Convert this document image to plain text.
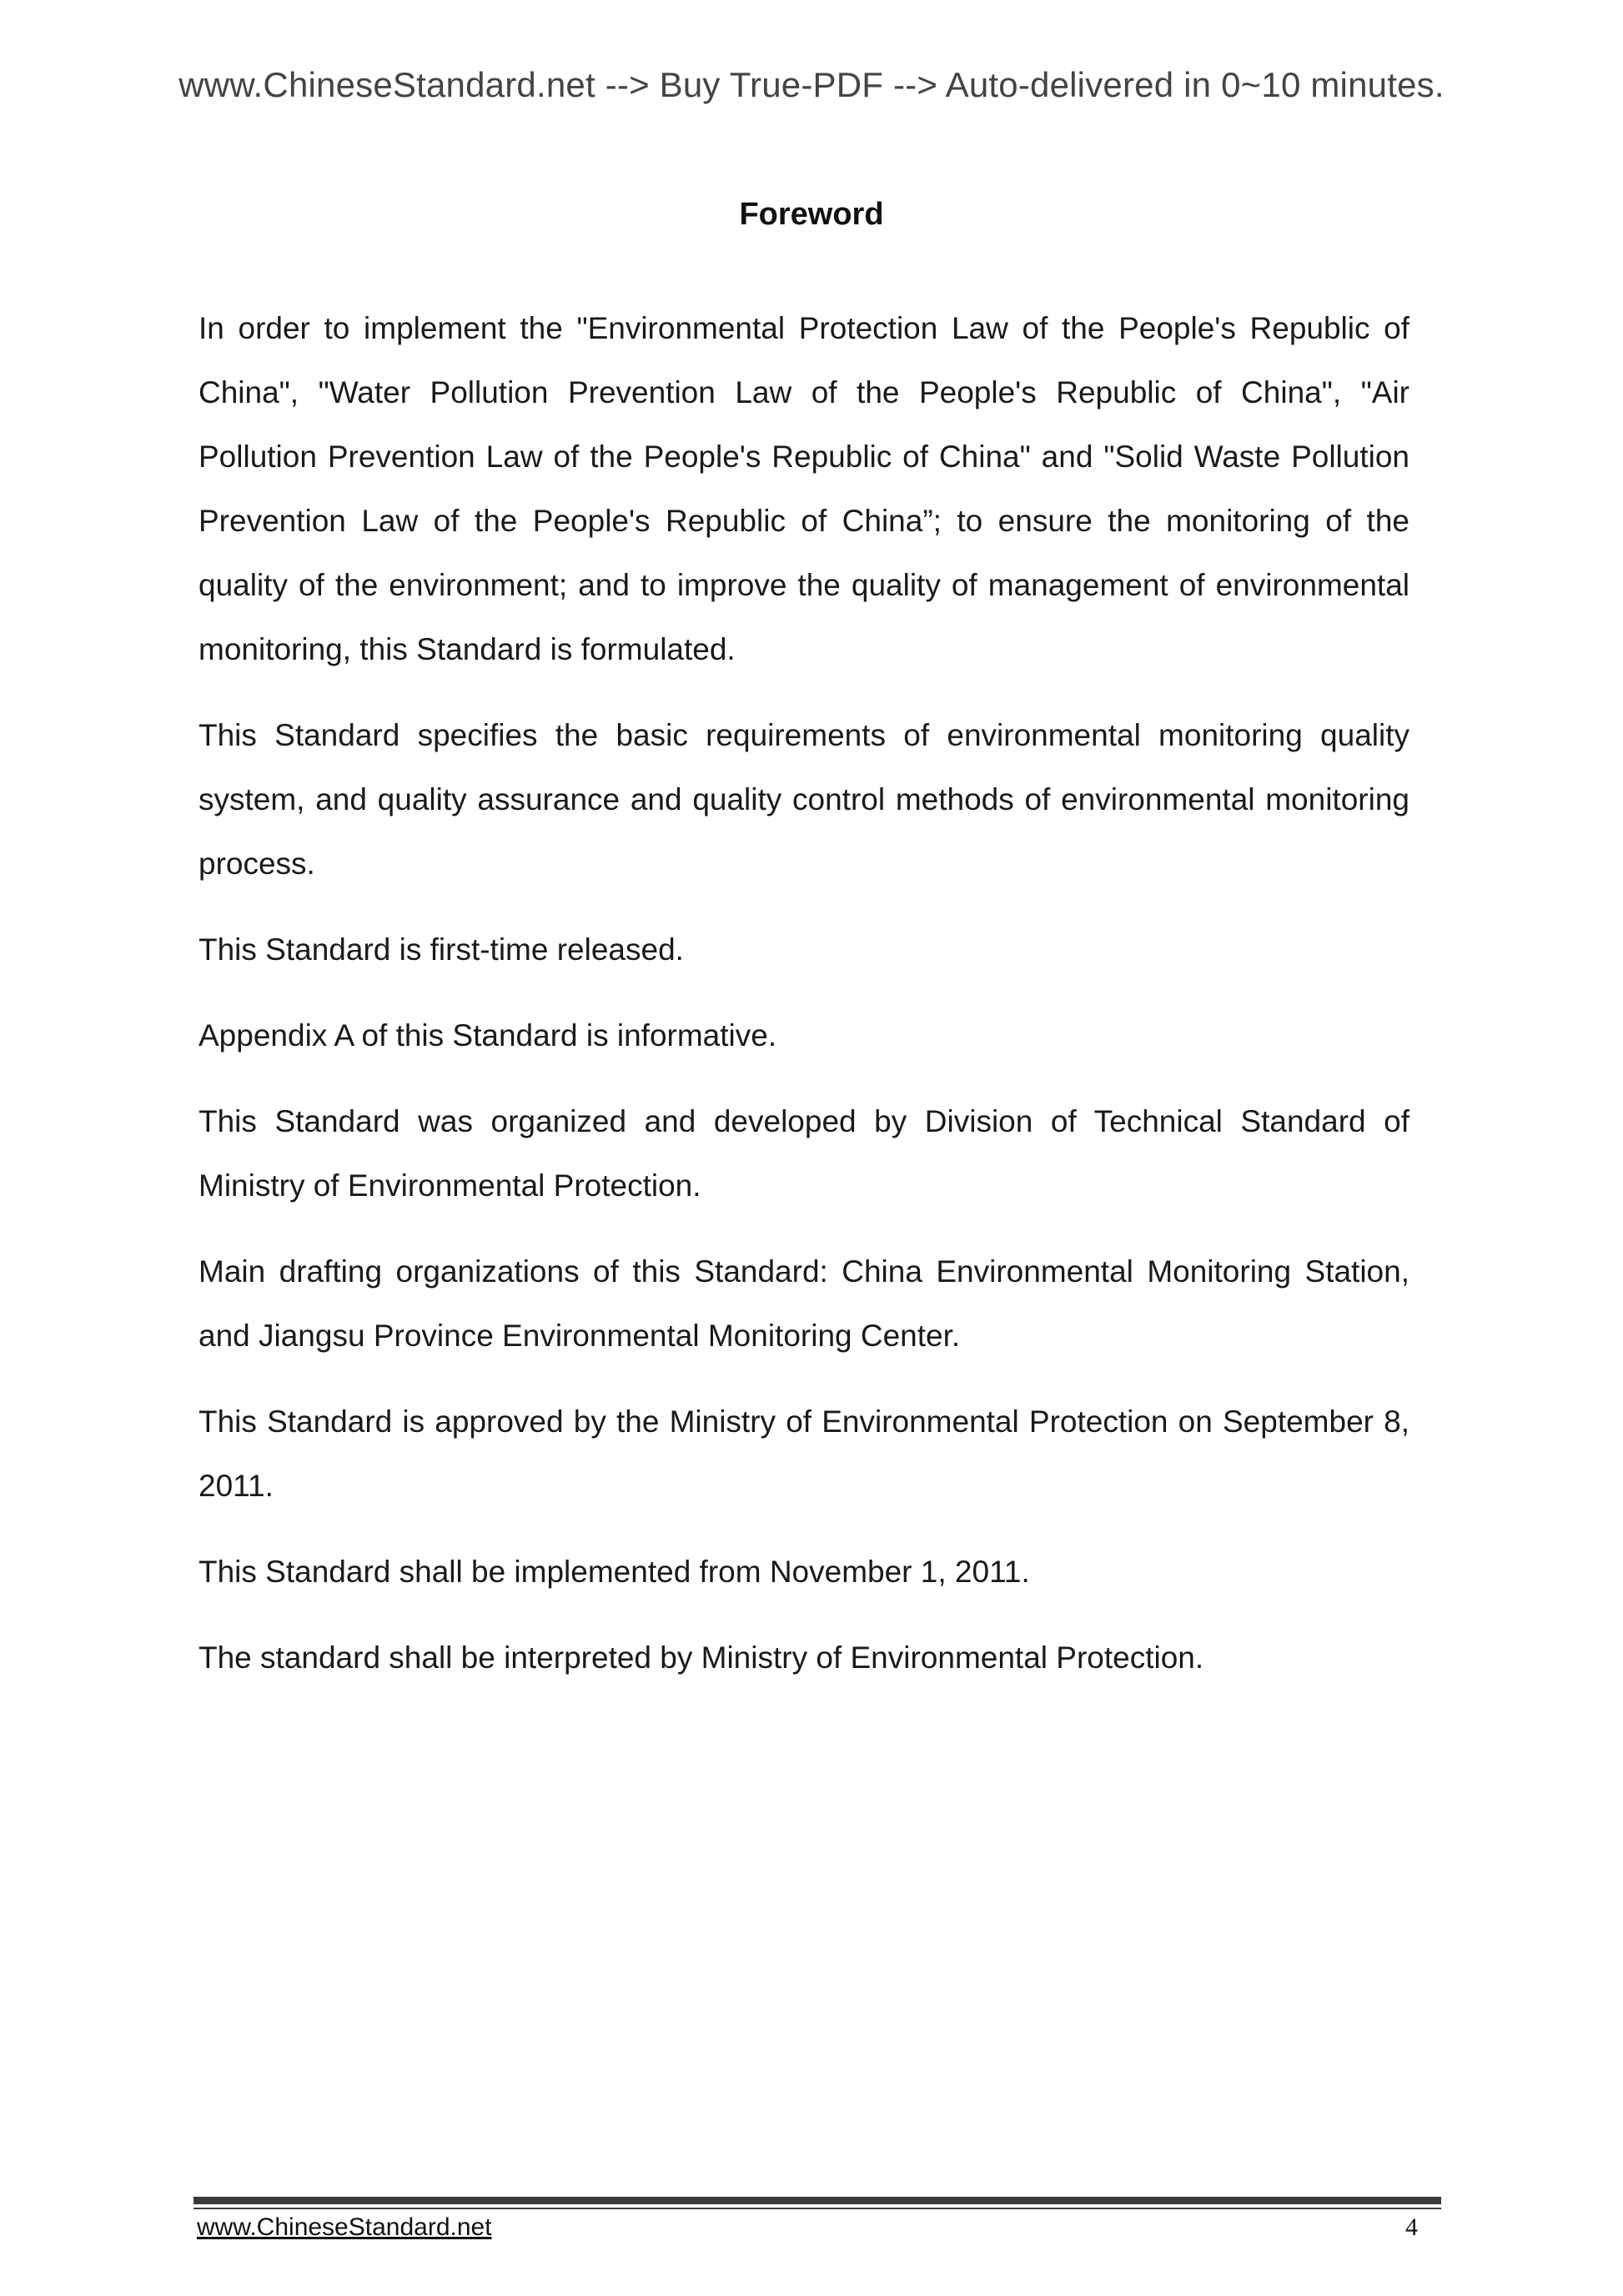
www.ChineseStandard.net --> Buy True-PDF --> Auto-delivered in 0~10 minutes.
Foreword

In order to implement the "Environmental Protection Law of the People's Republic of China", "Water Pollution Prevention Law of the People's Republic of China", "Air Pollution Prevention Law of the People's Republic of China" and "Solid Waste Pollution Prevention Law of the People's Republic of China”; to ensure the monitoring of the quality of the environment; and to improve the quality of management of environmental monitoring, this Standard is formulated.

This Standard specifies the basic requirements of environmental monitoring quality system, and quality assurance and quality control methods of environmental monitoring process.

This Standard is first-time released.

Appendix A of this Standard is informative.

This Standard was organized and developed by Division of Technical Standard of Ministry of Environmental Protection.

Main drafting organizations of this Standard: China Environmental Monitoring Station, and Jiangsu Province Environmental Monitoring Center.

This Standard is approved by the Ministry of Environmental Protection on September 8, 2011.

This Standard shall be implemented from November 1, 2011.

The standard shall be interpreted by Ministry of Environmental Protection.

www.ChineseStandard.net	4
